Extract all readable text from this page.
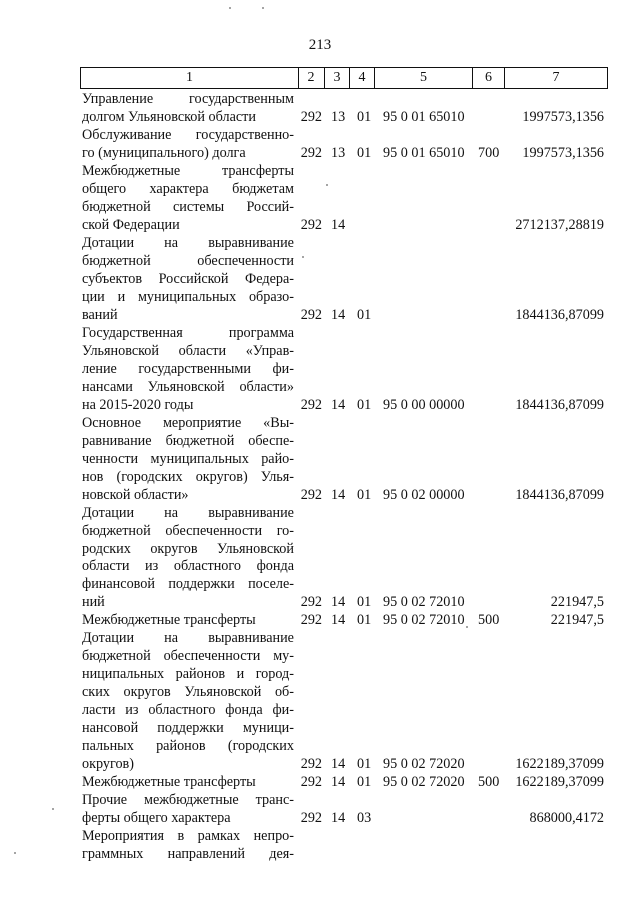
213
1	2	3	4	5	6	7
Управление государственным
долгом Ульяновской области	292 13 01 95 0 01 65010	1997573,1356
Обслуживание государственно-
го (муниципального) долга	292 13 01 95 0 01 65010 700	1997573,1356
Межбюджетные трансферты
общего характера бюджетам
бюджетной системы Россий-
ской Федерации	292 14	2712137,28819
Дотации на выравнивание
бюджетной обеспеченности
субъектов Российской Федера-
ции и муниципальных образо-
ваний	292 14 01	1844136,87099
Государственная программа
Ульяновской области «Управ-
ление государственными фи-
нансами Ульяновской области»
на 2015-2020 годы	292 14 01 95 0 00 00000	1844136,87099
Основное мероприятие «Вы-
равнивание бюджетной обеспе-
ченности муниципальных райо-
нов (городских округов) Улья-
новской области»	292 14 01 95 0 02 00000	1844136,87099
Дотации на выравнивание
бюджетной обеспеченности го-
родских округов Ульяновской
области из областного фонда
финансовой поддержки поселе-
ний	292 14 01 95 0 02 72010	221947,5
Межбюджетные трансферты	292 14 01 95 0 02 72010 500	221947,5
Дотации на выравнивание
бюджетной обеспеченности му-
ниципальных районов и город-
ских округов Ульяновской об-
ласти из областного фонда фи-
нансовой поддержки муници-
пальных районов (городских
округов)	292 14 01 95 0 02 72020	1622189,37099
Межбюджетные трансферты	292 14 01 95 0 02 72020 500	1622189,37099
Прочие межбюджетные транс-
ферты общего характера	292 14 03	868000,4172
Мероприятия в рамках непро-
граммных направлений дея-
